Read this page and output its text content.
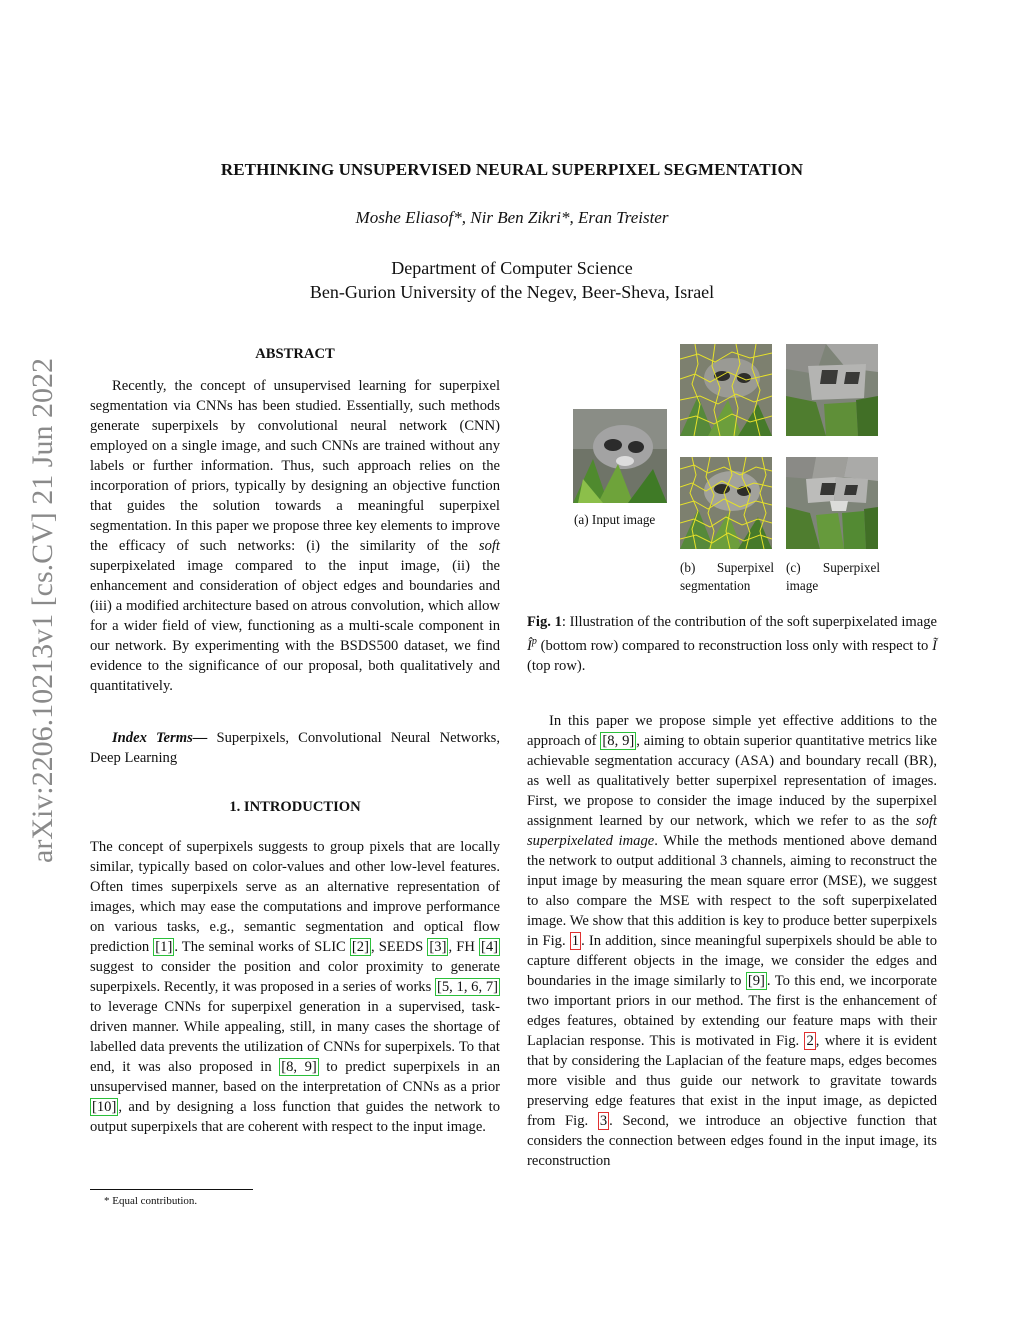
arXiv:2206.10213v1 [cs.CV] 21 Jun 2022
RETHINKING UNSUPERVISED NEURAL SUPERPIXEL SEGMENTATION
Moshe Eliasof*, Nir Ben Zikri*, Eran Treister
Department of Computer Science
Ben-Gurion University of the Negev, Beer-Sheva, Israel
ABSTRACT

Recently, the concept of unsupervised learning for superpixel segmentation via CNNs has been studied. Essentially, such methods generate superpixels by convolutional neural network (CNN) employed on a single image, and such CNNs are trained without any labels or further information. Thus, such approach relies on the incorporation of priors, typically by designing an objective function that guides the solution towards a meaningful superpixel segmentation. In this paper we propose three key elements to improve the efficacy of such networks: (i) the similarity of the soft superpixelated image compared to the input image, (ii) the enhancement and consideration of object edges and boundaries and (iii) a modified architecture based on atrous convolution, which allow for a wider field of view, functioning as a multi-scale component in our network. By experimenting with the BSDS500 dataset, we find evidence to the significance of our proposal, both qualitatively and quantitatively.

Index Terms— Superpixels, Convolutional Neural Networks, Deep Learning

1. INTRODUCTION

The concept of superpixels suggests to group pixels that are locally similar, typically based on color-values and other low-level features. Often times superpixels serve as an alternative representation of images, which may ease the computations and improve performance on various tasks, e.g., semantic segmentation and optical flow prediction [1] . The seminal works of SLIC [2] , SEEDS [3] , FH [4] suggest to consider the position and color proximity to generate superpixels. Recently, it was proposed in a series of works [5, 1, 6, 7] to leverage CNNs for superpixel generation in a supervised, task-driven manner. While appealing, still, in many cases the shortage of labelled data prevents the utilization of CNNs for superpixels. To that end, it was also proposed in [8, 9] to predict superpixels in an unsupervised manner, based on the interpretation of CNNs as a prior [10] , and by designing a loss function that guides the network to output superpixels that are coherent with respect to the input image.

* Equal contribution.
(a) Input image
(b) Superpixel segmentation
(c) Superpixel image

Fig. 1: Illustration of the contribution of the soft superpixelated image $Î^p$ (bottom row) compared to reconstruction loss only with respect to Ĩ (top row).

In this paper we propose simple yet effective additions to the approach of [8, 9] , aiming to obtain superior quantitative metrics like achievable segmentation accuracy (ASA) and boundary recall (BR), as well as qualitatively better superpixel representation of images. First, we propose to consider the image induced by the superpixel assignment learned by our network, which we refer to as the soft superpixelated image. While the methods mentioned above demand the network to output additional 3 channels, aiming to reconstruct the input image by measuring the mean square error (MSE), we suggest to also compare the MSE with respect to the soft superpixelated image. We show that this addition is key to produce better superpixels in Fig. 1 . In addition, since meaningful superpixels should be able to capture different objects in the image, we consider the edges and boundaries in the image similarly to [9] . To this end, we incorporate two important priors in our method. The first is the enhancement of edges features, obtained by extending our feature maps with their Laplacian response. This is motivated in Fig. 2 , where it is evident that by considering the Laplacian of the feature maps, edges becomes more visible and thus guide our network to gravitate towards preserving edge features that exist in the input image, as depicted from Fig. 3 . Second, we introduce an objective function that considers the connection between edges found in the input image, its reconstruction
